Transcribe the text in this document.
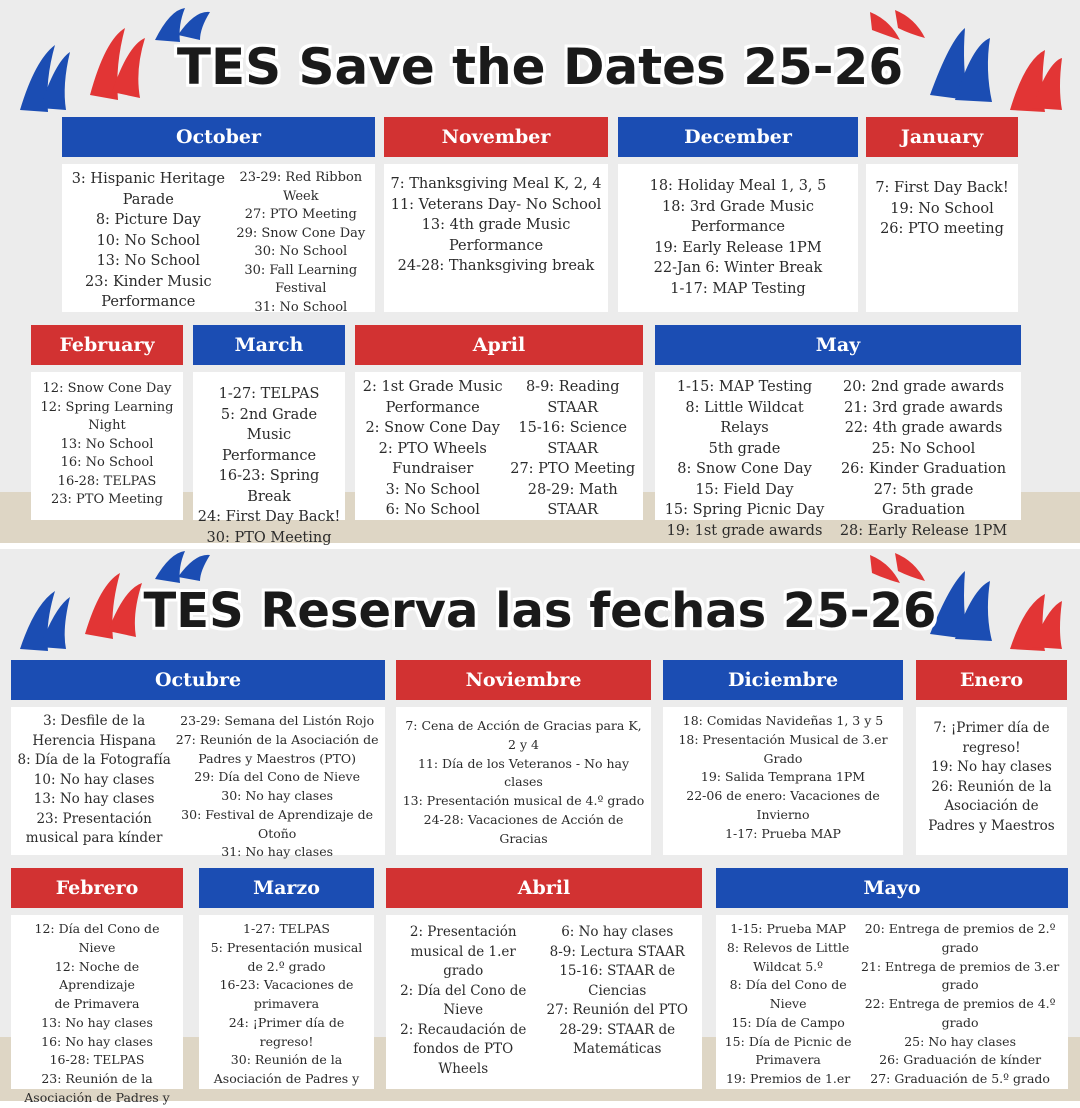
TES Save the Dates 25-26
October
3: Hispanic Heritage
Parade
8: Picture Day
10: No School
13: No School
23: Kinder Music
Performance
23-29: Red Ribbon
Week
27: PTO Meeting
29: Snow Cone Day
30: No School
30: Fall Learning
Festival
31: No School
November
7: Thanksgiving Meal K, 2, 4
11: Veterans Day- No School
13: 4th grade Music
Performance
24-28: Thanksgiving break
December
18: Holiday Meal 1, 3, 5
18: 3rd Grade Music
Performance
19: Early Release 1PM
22-Jan 6: Winter Break
1-17: MAP Testing
January
7: First Day Back!
19: No School
26: PTO meeting
February
12: Snow Cone Day
12: Spring Learning
Night
13: No School
16: No School
16-28: TELPAS
23: PTO Meeting
March
1-27: TELPAS
5: 2nd Grade Music
Performance
16-23: Spring Break
24: First Day Back!
30: PTO Meeting
April
2: 1st Grade Music
Performance
2: Snow Cone Day
2: PTO Wheels
Fundraiser
3: No School
6: No School
8-9: Reading
STAAR
15-16: Science
STAAR
27: PTO Meeting
28-29: Math
STAAR
May
1-15: MAP Testing
8: Little Wildcat Relays
5th grade
8: Snow Cone Day
15: Field Day
15: Spring Picnic Day
19: 1st grade awards
20: 2nd grade awards
21: 3rd grade awards
22: 4th grade awards
25: No School
26: Kinder Graduation
27: 5th grade Graduation
28: Early Release 1PM
TES Reserva las fechas 25-26
Octubre
3: Desfile de la
Herencia Hispana
8: Día de la Fotografía
10: No hay clases
13: No hay clases
23: Presentación
musical para kínder
23-29: Semana del Listón Rojo
27: Reunión de la Asociación de
Padres y Maestros (PTO)
29: Día del Cono de Nieve
30: No hay clases
30: Festival de Aprendizaje de
Otoño
31: No hay clases
Noviembre
7: Cena de Acción de Gracias para K,
2 y 4
11: Día de los Veteranos - No hay
clases
13: Presentación musical de 4.º grado
24-28: Vacaciones de Acción de
Gracias
Diciembre
18: Comidas Navideñas 1, 3 y 5
18: Presentación Musical de 3.er
Grado
19: Salida Temprana 1PM
22-06 de enero: Vacaciones de
Invierno
1-17: Prueba MAP
Enero
7: ¡Primer día de
regreso!
19: No hay clases
26: Reunión de la
Asociación de
Padres y Maestros
Febrero
12: Día del Cono de
Nieve
12: Noche de Aprendizaje
de Primavera
13: No hay clases
16: No hay clases
16-28: TELPAS
23: Reunión de la
Asociación de Padres y
Marzo
1-27: TELPAS
5: Presentación musical
de 2.º grado
16-23: Vacaciones de
primavera
24: ¡Primer día de
regreso!
30: Reunión de la
Asociación de Padres y
Abril
2: Presentación
musical de 1.er
grado
2: Día del Cono de
Nieve
2: Recaudación de
fondos de PTO
Wheels
6: No hay clases
8-9: Lectura STAAR
15-16: STAAR de
Ciencias
27: Reunión del PTO
28-29: STAAR de
Matemáticas
Mayo
1-15: Prueba MAP
8: Relevos de Little
Wildcat 5.º
8: Día del Cono de
Nieve
15: Día de Campo
15: Día de Picnic de
Primavera
19: Premios de 1.er
20: Entrega de premios de 2.º
grado
21: Entrega de premios de 3.er
grado
22: Entrega de premios de 4.º
grado
25: No hay clases
26: Graduación de kínder
27: Graduación de 5.º grado
